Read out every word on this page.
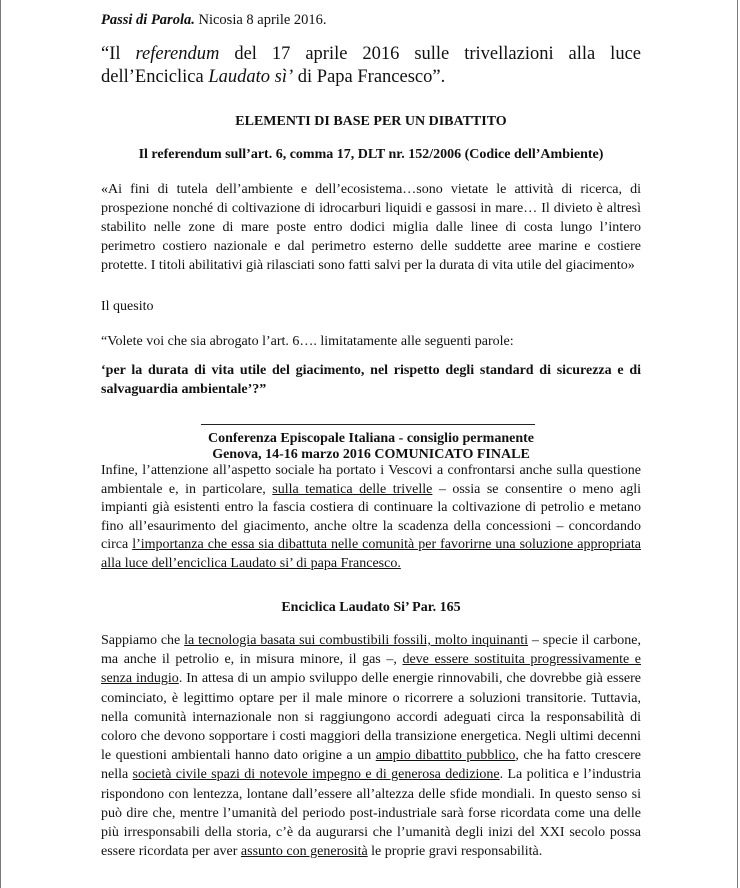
Passi di Parola. Nicosia 8 aprile 2016.
“Il referendum del 17 aprile 2016 sulle trivellazioni alla luce dell’Enciclica Laudato sì’ di Papa Francesco”.
ELEMENTI DI BASE PER UN DIBATTITO
Il referendum sull’art. 6, comma 17, DLT nr. 152/2006 (Codice dell’Ambiente)
«Ai fini di tutela dell’ambiente e dell’ecosistema…sono vietate le attività di ricerca, di prospezione nonché di coltivazione di idrocarburi liquidi e gassosi in mare… Il divieto è altresì stabilito nelle zone di mare poste entro dodici miglia dalle linee di costa lungo l’intero perimetro costiero nazionale e dal perimetro esterno delle suddette aree marine e costiere protette. I titoli abilitativi già rilasciati sono fatti salvi per la durata di vita utile del giacimento»
Il quesito
“Volete voi che sia abrogato l’art. 6…. limitatamente alle seguenti parole:
‘per la durata di vita utile del giacimento, nel rispetto degli standard di sicurezza e di salvaguardia ambientale’?”
Conferenza Episcopale Italiana - consiglio permanente
Genova, 14-16 marzo 2016 COMUNICATO FINALE
Infine, l’attenzione all’aspetto sociale ha portato i Vescovi a confrontarsi anche sulla questione ambientale e, in particolare, sulla tematica delle trivelle – ossia se consentire o meno agli impianti già esistenti entro la fascia costiera di continuare la coltivazione di petrolio e metano fino all’esaurimento del giacimento, anche oltre la scadenza della concessioni – concordando circa l’importanza che essa sia dibattuta nelle comunità per favorirne una soluzione appropriata alla luce dell’enciclica Laudato si’ di papa Francesco.
Enciclica Laudato Si’ Par. 165
Sappiamo che la tecnologia basata sui combustibili fossili, molto inquinanti – specie il carbone, ma anche il petrolio e, in misura minore, il gas –, deve essere sostituita progressivamente e senza indugio. In attesa di un ampio sviluppo delle energie rinnovabili, che dovrebbe già essere cominciato, è legittimo optare per il male minore o ricorrere a soluzioni transitorie. Tuttavia, nella comunità internazionale non si raggiungono accordi adeguati circa la responsabilità di coloro che devono sopportare i costi maggiori della transizione energetica. Negli ultimi decenni le questioni ambientali hanno dato origine a un ampio dibattito pubblico, che ha fatto crescere nella società civile spazi di notevole impegno e di generosa dedizione. La politica e l’industria rispondono con lentezza, lontane dall’essere all’altezza delle sfide mondiali. In questo senso si può dire che, mentre l’umanità del periodo post-industriale sarà forse ricordata come una delle più irresponsabili della storia, c’è da augurarsi che l’umanità degli inizi del XXI secolo possa essere ricordata per aver assunto con generosità le proprie gravi responsabilità.
